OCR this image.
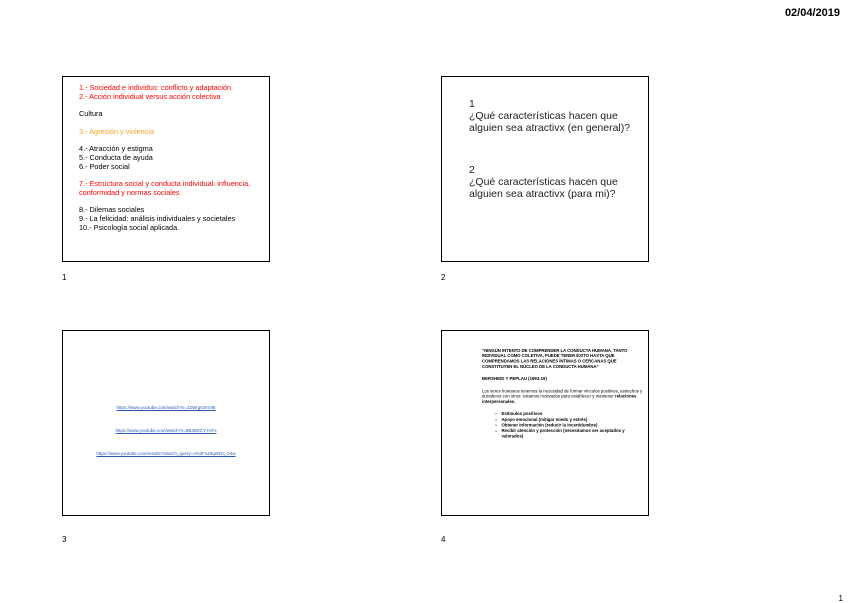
02/04/2019
1.- Sociedad e individuo: conflicto y adaptación
2.- Acción individual versus acción colectiva
Cultura
3.- Agresión y violencia
4.- Atracción y estigma
5.- Conducta de ayuda
6.- Poder social
7.- Estructura social y conducta individual: influencia, conformidad y normas sociales
8.- Dilemas sociales
9.- La felicidad: análisis individuales y societales
10.- Psicología social aplicada.
1
1
¿Qué características hacen que alguien sea atractivx (en general)?
2
¿Qué características hacen que alguien sea atractivx (para mi)?
2
https://www.youtube.com/watch?v=2ZWrgIOmV8I
https://www.youtube.com/watch?v=B83D0CY-rAFs
https://www.youtube.com/results?search_query=v%2Fs45qeNG_O4w
3
“NINGÚN INTENTO DE COMPRENDER LA CONDUCTA HUMANA, TANTO INDIVIDUAL COMO COLETIVA, PUEDE TENER ÉXITO HASTA QUE COMPRENDAMOS LAS RELACIONES ÍNTIMAS O CERCANAS QUE CONSTITUYEN EL NÚCLEO DE LA CONDUCTA HUMANA”
BERSHEID Y PEPLAU (1993:19)
Los seres humanos tenemos la necesidad de formar vínculos positivos, estrechos y duraderos con otros: estamos motivados para establecer y mantener relaciones interpersonales.
• Estímulos positivos
• Apoyo emocional (mitigar miedo y estrés)
• Obtener información (reducir la incertidumbre)
• Recibir atención y protección (necesitamos ser aceptados y valorados)
4
1
